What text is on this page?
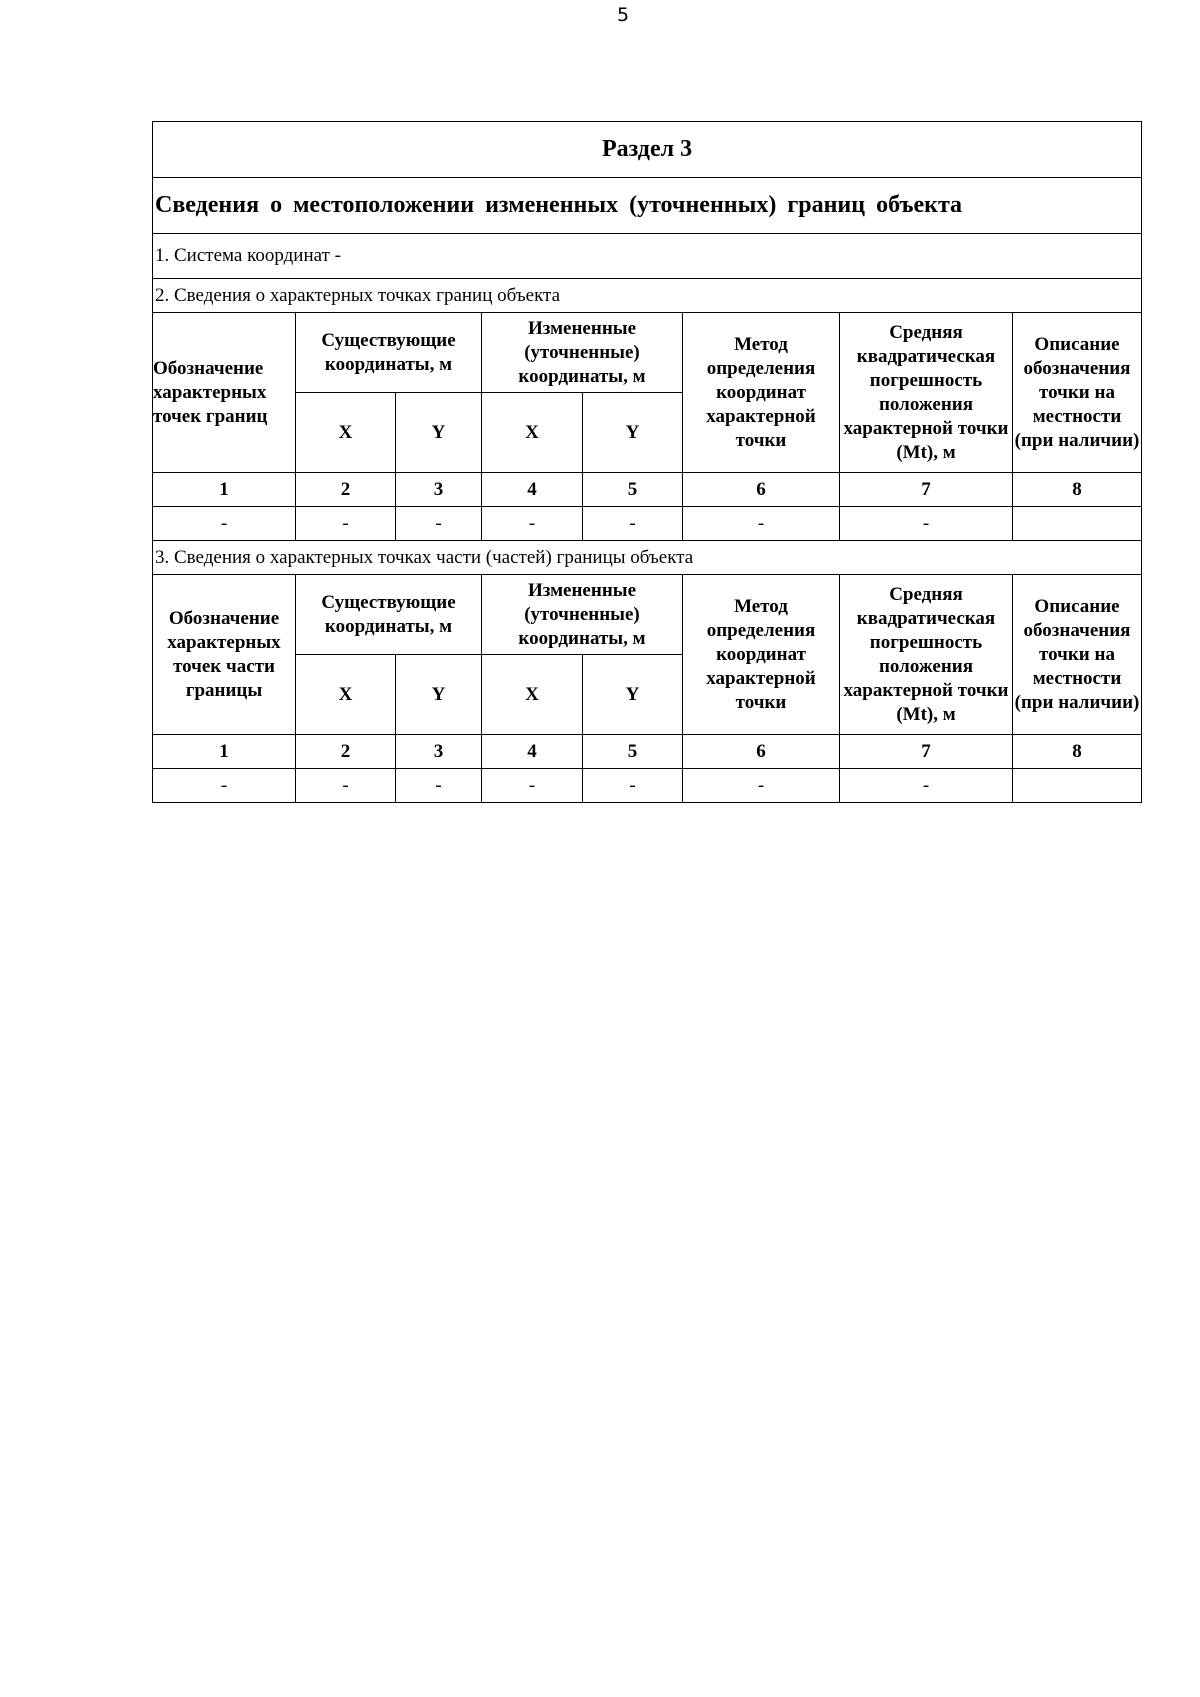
5
Раздел 3							
Сведения о местоположении измененных (уточненных) границ объекта							
1. Система координат -							
2. Сведения о характерных точках границ объекта							
Обозначение характерных точек границ	Существующие координаты, м		Измененные (уточненные) координаты, м		Метод определения координат характерной точки	Средняя квадратическая погрешность положения характерной точки (Mt), м	Описание обозначения точки на местности (при наличии)
	X	Y	X	Y			
1	2	3	4	5	6	7	8
-	-	-	-	-	-	-	
3. Сведения о характерных точках части (частей) границы объекта							
Обозначение характерных точек части границы	Существующие координаты, м		Измененные (уточненные) координаты, м		Метод определения координат характерной точки	Средняя квадратическая погрешность положения характерной точки (Mt), м	Описание обозначения точки на местности (при наличии)
	X	Y	X	Y			
1	2	3	4	5	6	7	8
-	-	-	-	-	-	-	
